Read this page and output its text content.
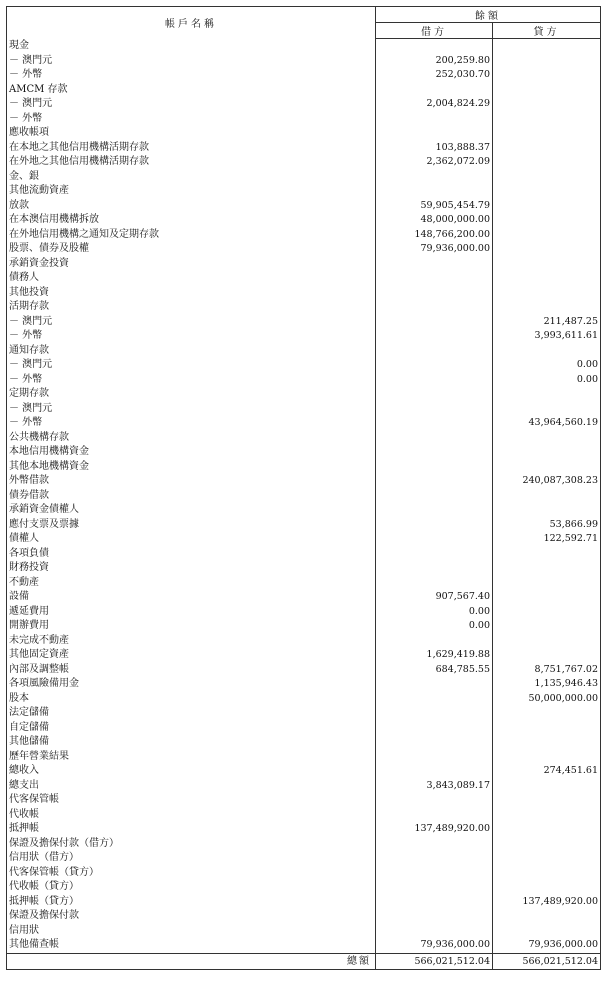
帳戶名稱	餘額	
	借方	貸方
現金		
－ 澳門元	200,259.80	
－ 外幣	252,030.70	
AMCM 存款		
－ 澳門元	2,004,824.29	
－ 外幣		
應收帳項		
在本地之其他信用機構活期存款	103,888.37	
在外地之其他信用機構活期存款	2,362,072.09	
金、銀		
其他流動資產		
放款	59,905,454.79	
在本澳信用機構拆放	48,000,000.00	
在外地信用機構之通知及定期存款	148,766,200.00	
股票、債券及股權	79,936,000.00	
承銷資金投資		
債務人		
其他投資		
活期存款		
－ 澳門元		211,487.25
－ 外幣		3,993,611.61
通知存款		
－ 澳門元		0.00
－ 外幣		0.00
定期存款		
－ 澳門元		
－ 外幣		43,964,560.19
公共機構存款		
本地信用機構資金		
其他本地機構資金		
外幣借款		240,087,308.23
債券借款		
承銷資金債權人		
應付支票及票據		53,866.99
債權人		122,592.71
各項負債		
財務投資		
不動產		
設備	907,567.40	
遞延費用	0.00	
開辦費用	0.00	
未完成不動產		
其他固定資產	1,629,419.88	
內部及調整帳	684,785.55	8,751,767.02
各項風險備用金		1,135,946.43
股本		50,000,000.00
法定儲備		
自定儲備		
其他儲備		
歷年營業結果		
總收入		274,451.61
總支出	3,843,089.17	
代客保管帳		
代收帳		
抵押帳	137,489,920.00	
保證及擔保付款（借方）		
信用狀（借方）		
代客保管帳（貸方）		
代收帳（貸方）		
抵押帳（貸方）		137,489,920.00
保證及擔保付款		
信用狀		
其他備查帳	79,936,000.00	79,936,000.00
總額	566,021,512.04	566,021,512.04
